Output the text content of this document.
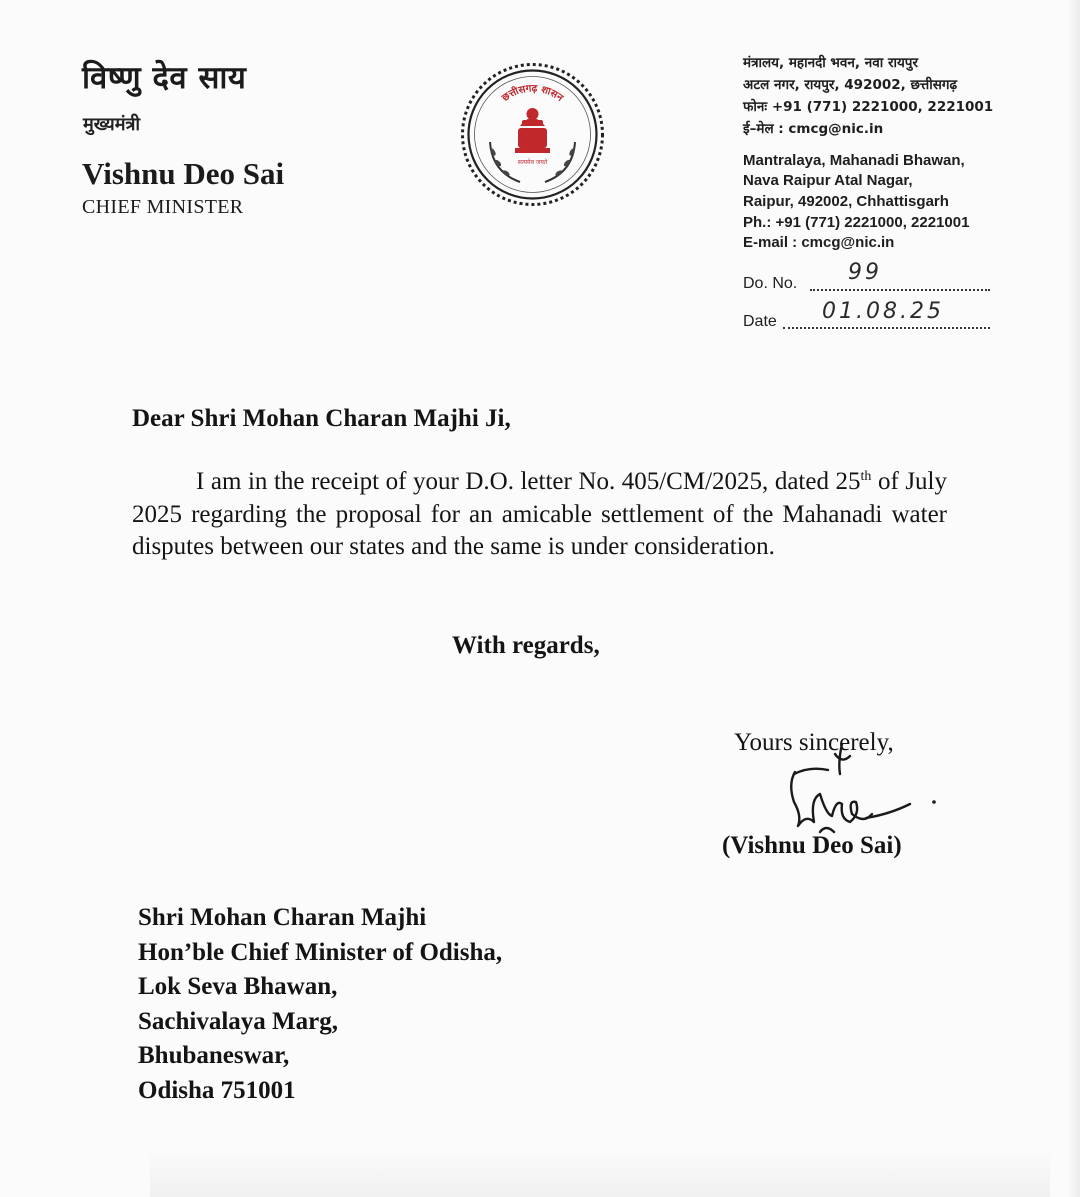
विष्णु देव साय
मुख्यमंत्री
Vishnu Deo Sai
CHIEF MINISTER
छत्तीसगढ़ शासन
सत्यमेव जयते
मंत्रालय, महानदी भवन, नवा रायपुर
अटल नगर, रायपुर, 492002, छत्तीसगढ़
फोनः +91 (771) 2221000, 2221001
ई–मेल : cmcg@nic.in
Mantralaya, Mahanadi Bhawan,
Nava Raipur Atal Nagar,
Raipur, 492002, Chhattisgarh
Ph.: +91 (771) 2221000, 2221001
E-mail : cmcg@nic.in
Do. No. 99
Date 01.08.25
Dear Shri Mohan Charan Majhi Ji,
I am in the receipt of your D.O. letter No. 405/CM/2025, dated 25th of July 2025 regarding the proposal for an amicable settlement of the Mahanadi water disputes between our states and the same is under consideration.
With regards,
Yours sincerely,
(Vishnu Deo Sai)
Shri Mohan Charan Majhi
Hon’ble Chief Minister of Odisha,
Lok Seva Bhawan,
Sachivalaya Marg,
Bhubaneswar,
Odisha 751001
